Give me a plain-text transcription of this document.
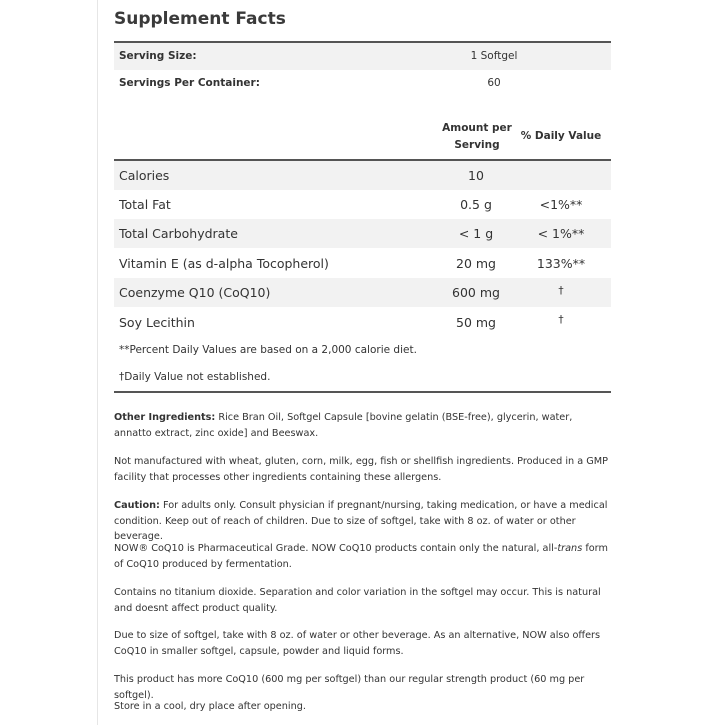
Supplement Facts
Serving Size:	1 Softgel
Servings Per Container:	60
Amount per Serving
% Daily Value
Calories	10
Total Fat	0.5 g	<1%**
Total Carbohydrate	< 1 g	< 1%**
Vitamin E (as d-alpha Tocopherol)	20 mg	133%**
Coenzyme Q10 (CoQ10)	600 mg	†
Soy Lecithin	50 mg	†
**Percent Daily Values are based on a 2,000 calorie diet.
†Daily Value not established.
Other Ingredients: Rice Bran Oil, Softgel Capsule [bovine gelatin (BSE-free), glycerin, water, annatto extract, zinc oxide] and Beeswax.
Not manufactured with wheat, gluten, corn, milk, egg, fish or shellfish ingredients. Produced in a GMP facility that processes other ingredients containing these allergens.
Caution: For adults only. Consult physician if pregnant/nursing, taking medication, or have a medical condition. Keep out of reach of children. Due to size of softgel, take with 8 oz. of water or other beverage.
NOW® CoQ10 is Pharmaceutical Grade. NOW CoQ10 products contain only the natural, all-trans form of CoQ10 produced by fermentation.
Contains no titanium dioxide. Separation and color variation in the softgel may occur. This is natural and doesnt affect product quality.
Due to size of softgel, take with 8 oz. of water or other beverage. As an alternative, NOW also offers CoQ10 in smaller softgel, capsule, powder and liquid forms.
This product has more CoQ10 (600 mg per softgel) than our regular strength product (60 mg per softgel).
Store in a cool, dry place after opening.
